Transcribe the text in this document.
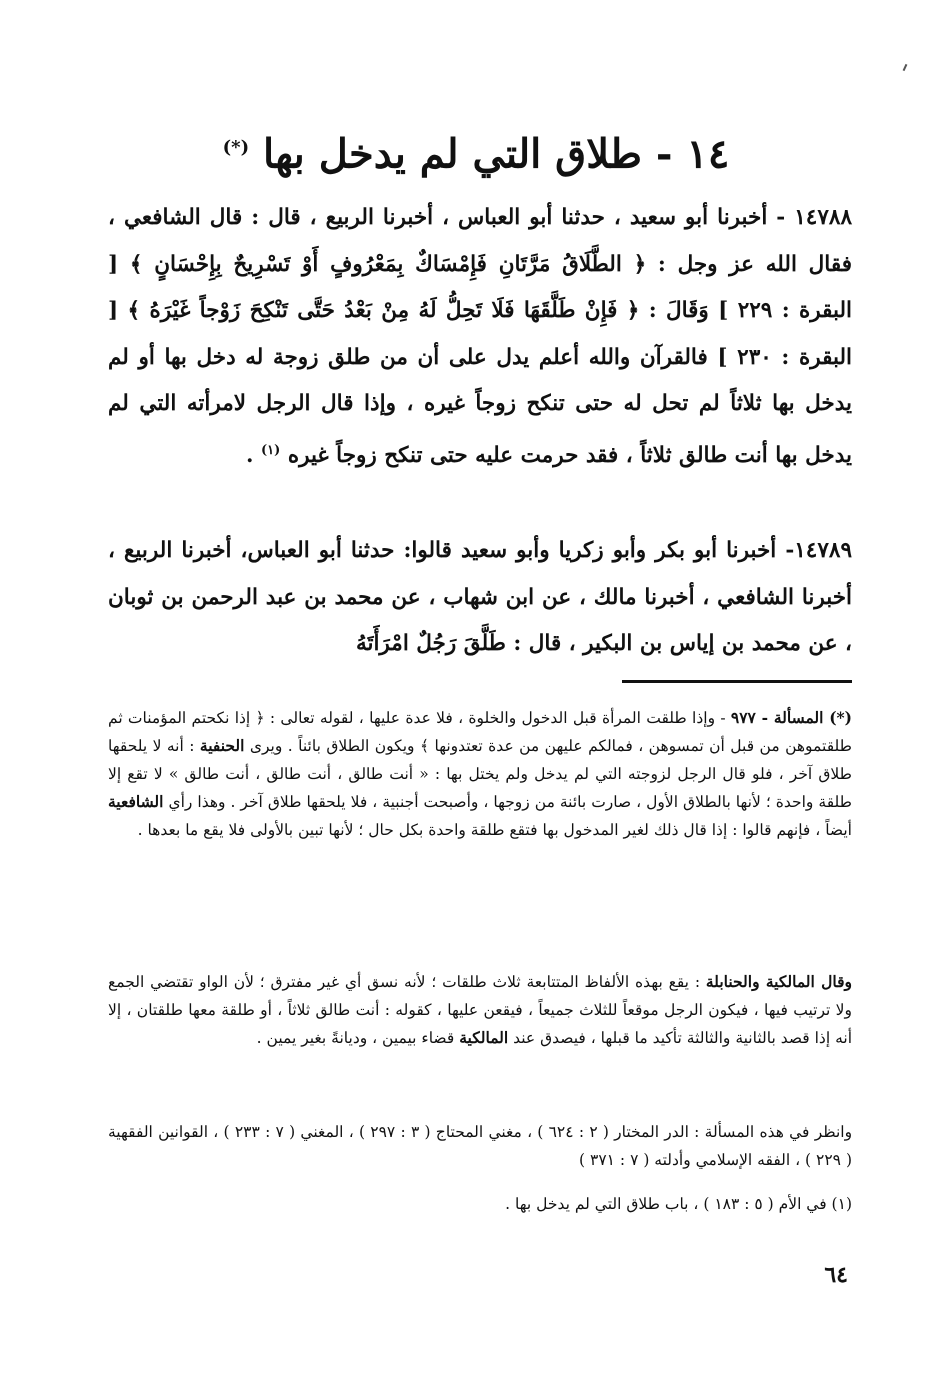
١٤ - طلاق التي لم يدخل بها (*)

١٤٧٨٨ - أخبرنا أبو سعيد ، حدثنا أبو العباس ، أخبرنا الربيع ، قال : قال الشافعي ، فقال الله عز وجل : ﴿ الطَّلَاقُ مَرَّتَانِ فَإِمْسَاكٌ بِمَعْرُوفٍ أَوْ تَسْرِيحٌ بِإِحْسَانٍ ﴾ [ البقرة : ٢٢٩ ] وَقَالَ : ﴿ فَإِنْ طَلَّقَهَا فَلَا تَحِلُّ لَهُ مِنْ بَعْدُ حَتَّى تَنْكِحَ زَوْجاً غَيْرَهُ ﴾ [ البقرة : ٢٣٠ ] فالقرآن والله أعلم يدل على أن من طلق زوجة له دخل بها أو لم يدخل بها ثلاثاً لم تحل له حتى تنكح زوجاً غيره ، وإذا قال الرجل لامرأته التي لم يدخل بها أنت طالق ثلاثاً ، فقد حرمت عليه حتى تنكح زوجاً غيره $^{(١)}$ .

١٤٧٨٩- أخبرنا أبو بكر وأبو زكريا وأبو سعيد قالوا: حدثنا أبو العباس، أخبرنا الربيع ، أخبرنا الشافعي ، أخبرنا مالك ، عن ابن شهاب ، عن محمد بن عبد الرحمن بن ثوبان ، عن محمد بن إياس بن البكير ، قال : طَلَّقَ رَجُلٌ امْرَأَتَهُ

(*) المسألة - ٩٧٧ - وإذا طلقت المرأة قبل الدخول والخلوة ، فلا عدة عليها ، لقوله تعالى : ﴿ إذا نكحتم المؤمنات ثم طلقتموهن من قبل أن تمسوهن ، فمالكم عليهن من عدة تعتدونها ﴾ ويكون الطلاق بائناً . ويرى الحنفية : أنه لا يلحقها طلاق آخر ، فلو قال الرجل لزوجته التي لم يدخل ولم يختل بها : « أنت طالق ، أنت طالق ، أنت طالق » لا تقع إلا طلقة واحدة ؛ لأنها بالطلاق الأول ، صارت بائنة من زوجها ، وأصبحت أجنبية ، فلا يلحقها طلاق آخر . وهذا رأي الشافعية أيضاً ، فإنهم قالوا : إذا قال ذلك لغير المدخول بها فتقع طلقة واحدة بكل حال ؛ لأنها تبين بالأولى فلا يقع ما بعدها .

وقال المالكية والحنابلة : يقع بهذه الألفاظ المتتابعة ثلاث طلقات ؛ لأنه نسق أي غير مفترق ؛ لأن الواو تقتضي الجمع ولا ترتيب فيها ، فيكون الرجل موقعاً للثلاث جميعاً ، فيقعن عليها ، كقوله : أنت طالق ثلاثاً ، أو طلقة معها طلقتان ، إلا أنه إذا قصد بالثانية والثالثة تأكيد ما قبلها ، فيصدق عند المالكية قضاء بيمين ، وديانةً بغير يمين .

وانظر في هذه المسألة : الدر المختار ( ٢ : ٦٢٤ ) ، مغني المحتاج ( ٣ : ٢٩٧ ) ، المغني ( ٧ : ٢٣٣ ) ، القوانين الفقهية ( ٢٢٩ ) ، الفقه الإسلامي وأدلته ( ٧ : ٣٧١ )

(١) في الأم ( ٥ : ١٨٣ ) ، باب طلاق التي لم يدخل بها .

٦٤
